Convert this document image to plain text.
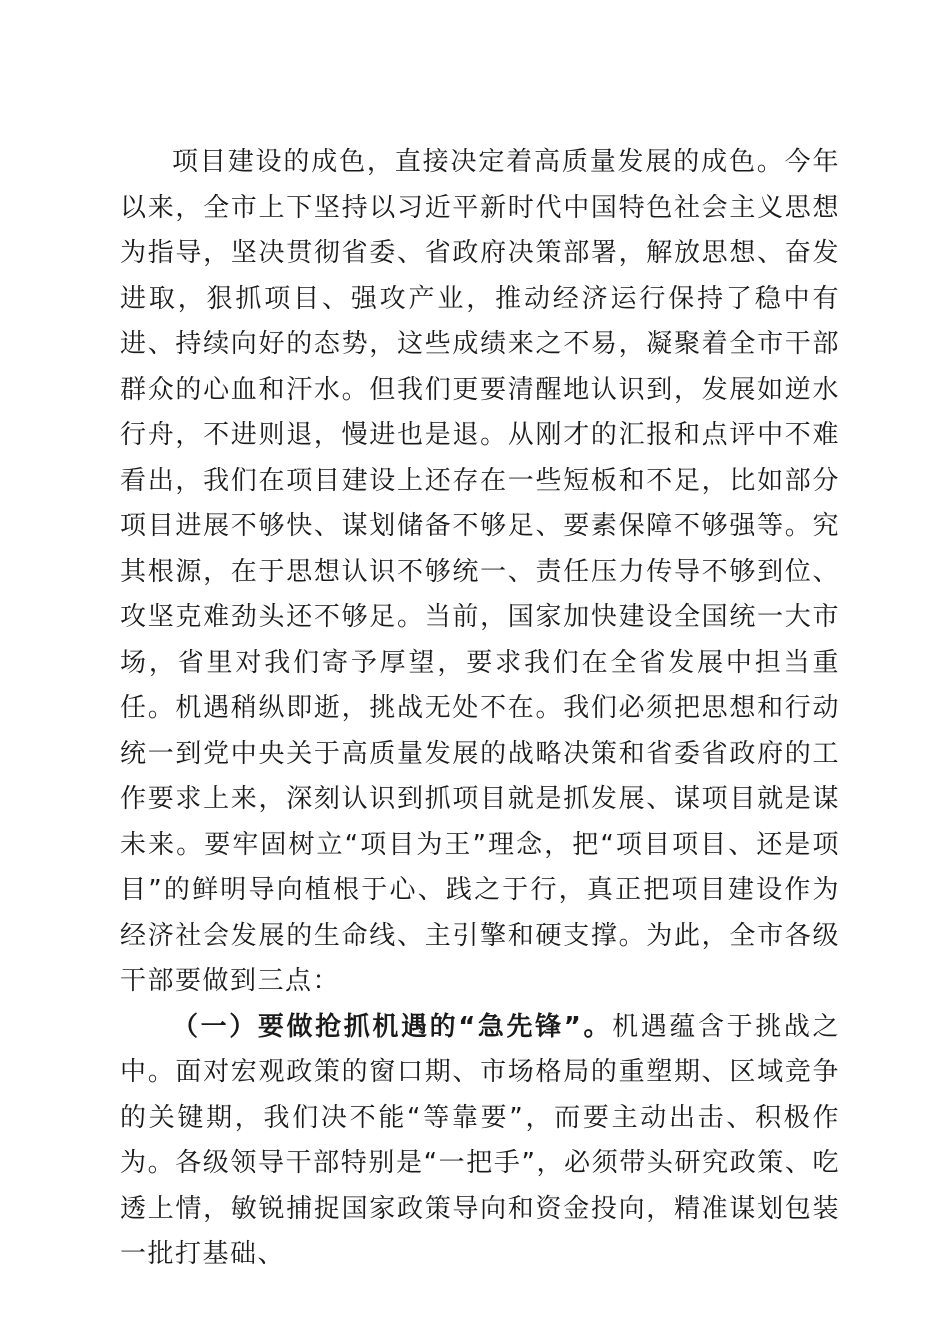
项目建设的成色，直接决定着高质量发展的成色。今年以来，全市上下坚持以习近平新时代中国特色社会主义思想为指导，坚决贯彻省委、省政府决策部署，解放思想、奋发进取，狠抓项目、强攻产业，推动经济运行保持了稳中有进、持续向好的态势，这些成绩来之不易，凝聚着全市干部群众的心血和汗水。但我们更要清醒地认识到，发展如逆水行舟，不进则退，慢进也是退。从刚才的汇报和点评中不难看出，我们在项目建设上还存在一些短板和不足，比如部分项目进展不够快、谋划储备不够足、要素保障不够强等。究其根源，在于思想认识不够统一、责任压力传导不够到位、攻坚克难劲头还不够足。当前，国家加快建设全国统一大市场，省里对我们寄予厚望，要求我们在全省发展中担当重任。机遇稍纵即逝，挑战无处不在。我们必须把思想和行动统一到党中央关于高质量发展的战略决策和省委省政府的工作要求上来，深刻认识到抓项目就是抓发展、谋项目就是谋未来。要牢固树立“项目为王”理念，把“项目项目、还是项目”的鲜明导向植根于心、践之于行，真正把项目建设作为经济社会发展的生命线、主引擎和硬支撑。为此，全市各级干部要做到三点：

（一）要做抢抓机遇的“急先锋”。机遇蕴含于挑战之中。面对宏观政策的窗口期、市场格局的重塑期、区域竞争的关键期，我们决不能“等靠要”，而要主动出击、积极作为。各级领导干部特别是“一把手”，必须带头研究政策、吃透上情，敏锐捕捉国家政策导向和资金投向，精准谋划包装一批打基础、
